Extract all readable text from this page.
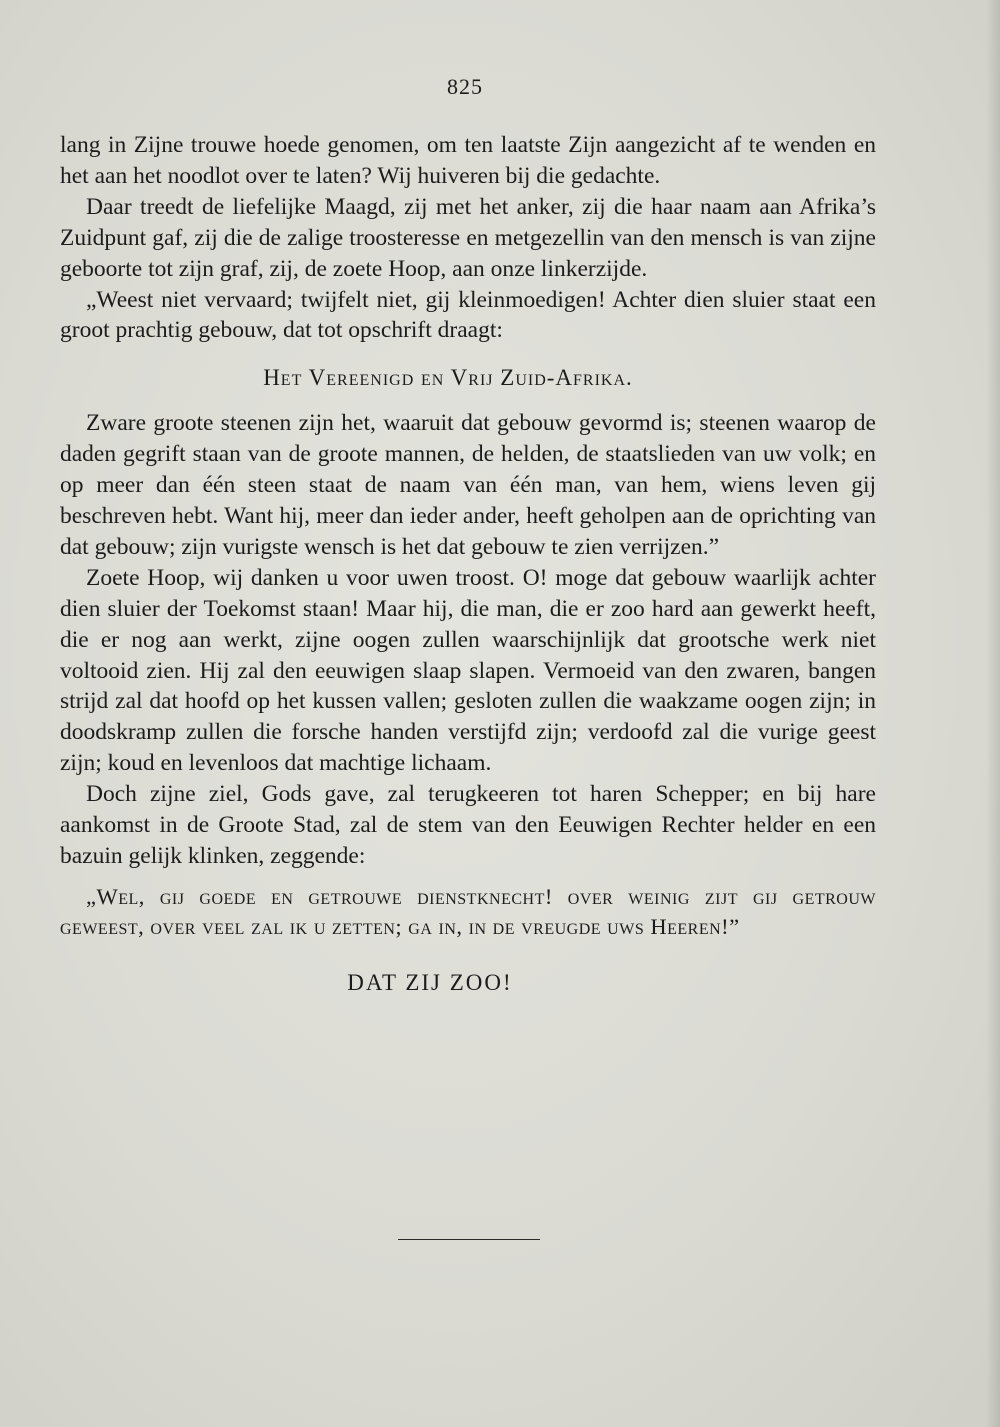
825

lang in Zijne trouwe hoede genomen, om ten laatste Zijn aangezicht af te wenden en het aan het noodlot over te laten? Wij huiveren bij die gedachte.

Daar treedt de liefelijke Maagd, zij met het anker, zij die haar naam aan Afrika’s Zuidpunt gaf, zij die de zalige troosteresse en metgezellin van den mensch is van zijne geboorte tot zijn graf, zij, de zoete Hoop, aan onze linkerzijde.

„Weest niet vervaard; twijfelt niet, gij kleinmoedigen! Achter dien sluier staat een groot prachtig gebouw, dat tot opschrift draagt:

Het Vereenigd en Vrij Zuid-Afrika.

Zware groote steenen zijn het, waaruit dat gebouw gevormd is; steenen waarop de daden gegrift staan van de groote mannen, de helden, de staatslieden van uw volk; en op meer dan één steen staat de naam van één man, van hem, wiens leven gij beschreven hebt. Want hij, meer dan ieder ander, heeft geholpen aan de oprichting van dat gebouw; zijn vurigste wensch is het dat gebouw te zien verrijzen.”

Zoete Hoop, wij danken u voor uwen troost. O! moge dat gebouw waarlijk achter dien sluier der Toekomst staan! Maar hij, die man, die er zoo hard aan gewerkt heeft, die er nog aan werkt, zijne oogen zullen waarschijnlijk dat grootsche werk niet voltooid zien. Hij zal den eeuwigen slaap slapen. Vermoeid van den zwaren, bangen strijd zal dat hoofd op het kussen vallen; gesloten zullen die waakzame oogen zijn; in doodskramp zullen die forsche handen verstijfd zijn; verdoofd zal die vurige geest zijn; koud en levenloos dat machtige lichaam.

Doch zijne ziel, Gods gave, zal terugkeeren tot haren Schepper; en bij hare aankomst in de Groote Stad, zal de stem van den Eeuwigen Rechter helder en een bazuin gelijk klinken, zeggende:

„Wel, gij goede en getrouwe dienstknecht! over weinig zijt gij getrouw geweest, over veel zal ik u zetten; ga in, in de vreugde uws Heeren!”

DAT ZIJ ZOO!
